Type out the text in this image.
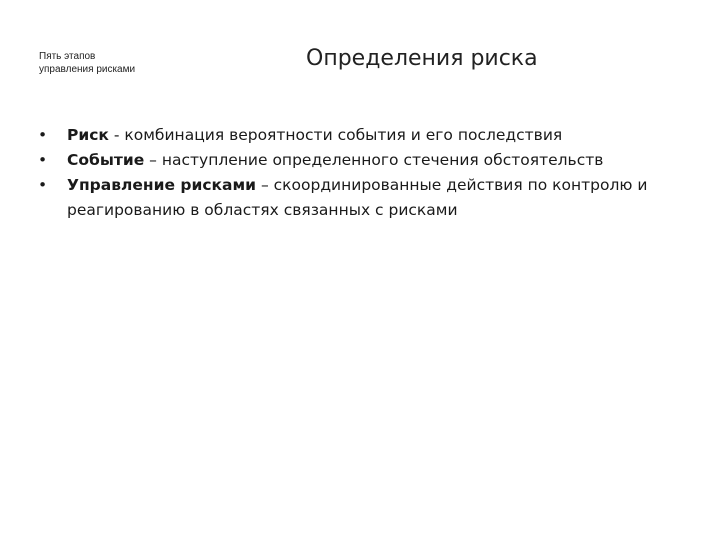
Пять этапов
управления рисками	Определения риска
•	Риск - комбинация вероятности события и его последствия
•	Событие – наступление определенного стечения обстоятельств
•	Управление рисками – скоординированные действия по контролю и реагированию в областях связанных с рисками
